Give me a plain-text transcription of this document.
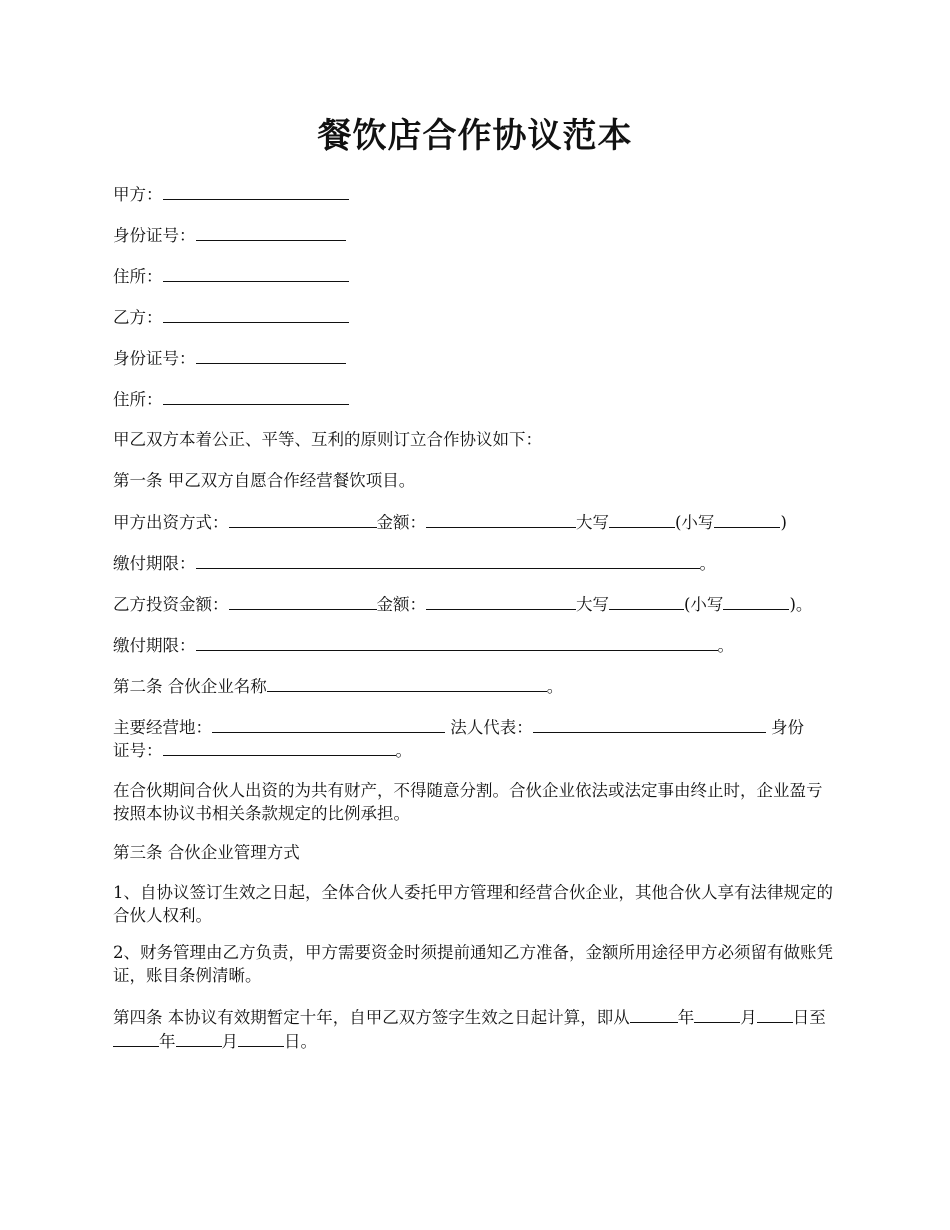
餐饮店合作协议范本
甲方：
身份证号：
住所：
乙方：
身份证号：
住所：
甲乙双方本着公正、平等、互利的原则订立合作协议如下：
第一条 甲乙双方自愿合作经营餐饮项目。
甲方出资方式：	金额：	大写	(小写	)
缴付期限：	。
乙方投资金额：	金额：	大写	(小写	)。
缴付期限：	。
第二条 合伙企业名称	。
主要经营地：	法人代表：	身份
证号：	。
在合伙期间合伙人出资的为共有财产，不得随意分割。合伙企业依法或法定事由终止时，企业盈亏按照本协议书相关条款规定的比例承担。
第三条 合伙企业管理方式
1、自协议签订生效之日起，全体合伙人委托甲方管理和经营合伙企业，其他合伙人享有法律规定的合伙人权利。
2、财务管理由乙方负责，甲方需要资金时须提前通知乙方准备，金额所用途径甲方必须留有做账凭证，账目条例清晰。
第四条 本协议有效期暂定十年，自甲乙双方签字生效之日起计算，即从	年	月 日至年	月	日。
